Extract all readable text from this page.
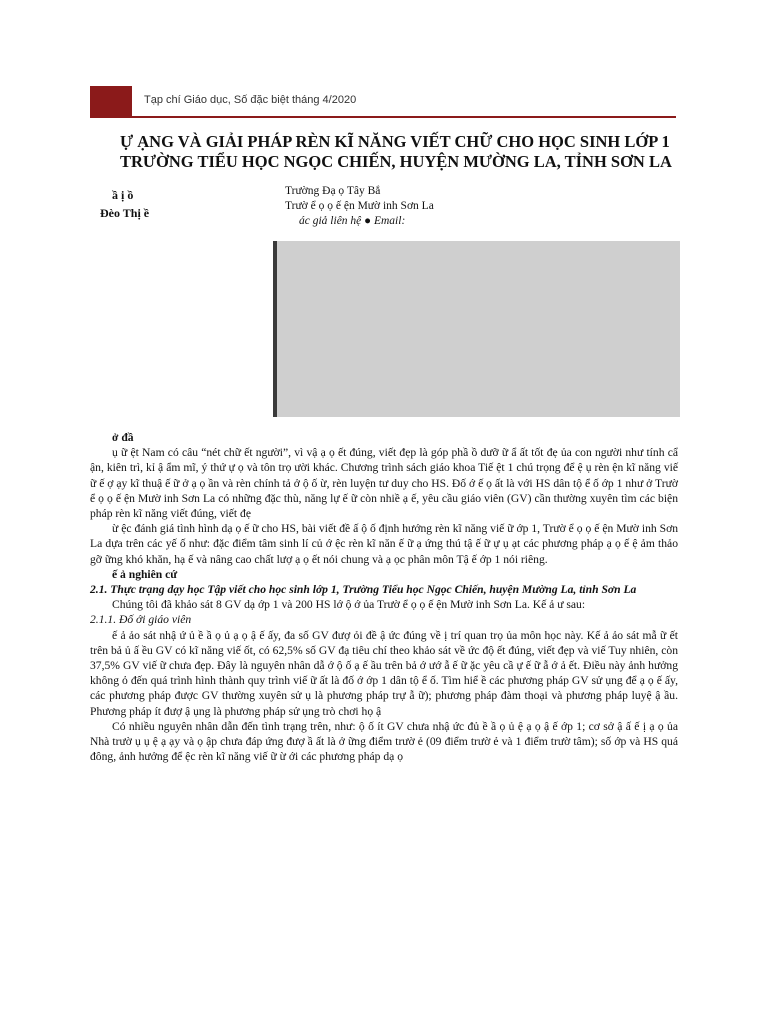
Tạp chí Giáo dục, Số đặc biệt tháng 4/2020
Ự ẠNG VÀ GIẢI PHÁP RÈN KĨ NĂNG VIẾT CHỮ CHO HỌC SINH LỚP 1
TRƯỜNG TIỂU HỌC NGỌC CHIẾN, HUYỆN MƯỜNG LA, TỈNH SƠN LA
ầ ị ồ
Đèo Thị ề
Trường Đạ ọ Tây Bắ
Trườ ể ọ ọ ế ện Mườ inh Sơn La
ác giả liên hệ ● Email:

ở đầ

ụ ữ ệt Nam có câu “nét chữ ết người”, vì vậ ạ ọ ết đúng, viết đẹp là góp phầ ồ dưỡ ữ ẩ ất tốt đẹ ủa con người như tính cẩ ận, kiên trì, kỉ ậ ẩm mĩ, ý thứ ự ọ và tôn trọ ười khác. Chương trình sách giáo khoa Tiế ệt 1 chú trọng để ệ ụ rèn ện kĩ năng viế ữ ế ợ ạy kĩ thuậ ế ữ ở ạ ọ ần và rèn chính tả ở ộ ố ừ, rèn luyện tư duy cho HS. Đố ớ ế ọ ất là với HS dân tộ ể ố ớp 1 như ở Trườ ể ọ ọ ế ện Mườ inh Sơn La có những đặc thù, năng lự ế ữ còn nhiề ạ ế, yêu cầu giáo viên (GV) cần thường xuyên tìm các biện pháp rèn kĩ năng viết đúng, viết đẹ

ừ ệc đánh giá tình hình dạ ọ ế ữ cho HS, bài viết đề ấ ộ ố định hướng rèn kĩ năng viế ữ ớp 1, Trườ ể ọ ọ ế ện Mườ inh Sơn La dựa trên các yế ố như: đặc điểm tâm sinh lí củ ớ ệc rèn kĩ năn ế ữ ạ ứng thú tậ ế ữ ự ụ ạt các phương pháp ạ ọ ế ệ ảm thảo gỡ ững khó khăn, hạ ế và nâng cao chất lượ ạ ọ ết nói chung và ạ ọc phân môn Tậ ế ớp 1 nói riêng.

ế ả nghiên cứ

2.1. Thực trạng dạy học Tập viết cho học sinh lớp 1, Trường Tiểu học Ngọc Chiến, huyện Mường La, tỉnh Sơn La

Chúng tôi đã khảo sát 8 GV dạ ớp 1 và 200 HS lớ ộ ớ ủa Trườ ể ọ ọ ế ện Mườ inh Sơn La. Kế ả ư sau:

2.1.1. Đố ới giáo viên

ế ả ảo sát nhậ ứ ủ ề ầ ọ ủ ạ ọ ậ ế ấy, đa số GV đượ ỏi đề ậ ức đúng về ị trí quan trọ ủa môn học này. Kế ả ảo sát mẫ ữ ết trên bả ủ ấ ều GV có kĩ năng viế ốt, có 62,5% số GV đạ tiêu chí theo khảo sát về ức độ ết đúng, viết đẹp và viế Tuy nhiên, còn 37,5% GV viế ữ chưa đẹp. Đây là nguyên nhân dẫ ớ ộ ố ạ ế ầu trên bả ớ ướ ẫ ế ữ ặc yêu cầ ự ế ữ ẫ ớ ả ết. Điều này ảnh hưởng không ỏ đến quá trình hình thành quy trình viế ữ ất là đố ớ ớp 1 dân tộ ể ố. Tìm hiể ề các phương pháp GV sử ụng để ạ ọ ế ấy, các phương pháp được GV thường xuyên sử ụ là phương pháp trự ẫ ữ); phương pháp đàm thoại và phương pháp luyệ ậ ầu. Phương pháp ít đượ ậ ụng là phương pháp sử ụng trò chơi họ ậ

Có nhiều nguyên nhân dẫn đến tình trạng trên, như: ộ ố ít GV chưa nhậ ức đủ ề ầ ọ ủ ệ ạ ọ ậ ế ớp 1; cơ sở ậ ấ ế ị ạ ọ ủa Nhà trườ ụ ụ ệ ạ ạy và ọ ập chưa đáp ứng đượ ầ ất là ở ững điểm trườ ẻ (09 điểm trườ ẻ và 1 điểm trườ tâm); số ớp và HS quá đông, ảnh hưởng để ệc rèn kĩ năng viế ữ ừ ới các phương pháp dạ ọ
